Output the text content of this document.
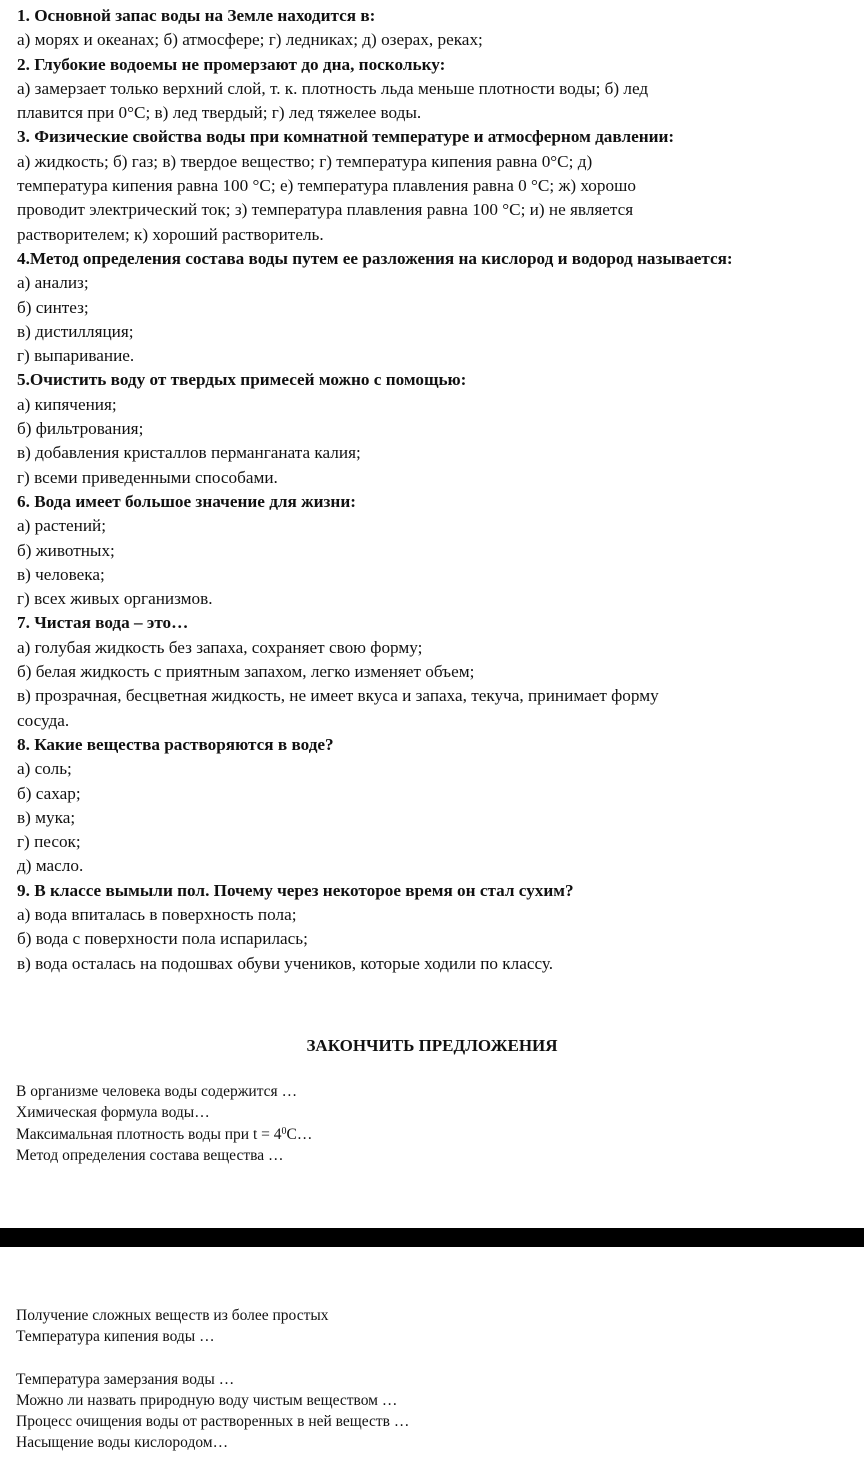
1. Основной запас воды на Земле находится в:

а) морях и океанах; б) атмосфере; г) ледниках; д) озерах, реках;

2. Глубокие водоемы не промерзают до дна, поскольку:

а) замерзает только верхний слой, т. к. плотность льда меньше плотности воды; б) лед

плавится при 0°С; в) лед твердый; г) лед тяжелее воды.

3. Физические свойства воды при комнатной температуре и атмосферном давлении:

а) жидкость; б) газ; в) твердое вещество; г) температура кипения равна 0°С; д)

температура кипения равна 100 °С; е) температура плавления равна 0 °С; ж) хорошо

проводит электрический ток; з) температура плавления равна 100 °С; и) не является

растворителем; к) хороший растворитель.

4.Метод определения состава воды путем ее разложения на кислород и водород называется:

а) анализ;

б) синтез;

в) дистилляция;

г) выпаривание.

5.Очистить воду от твердых примесей можно с помощью:

а) кипячения;

б) фильтрования;

в) добавления кристаллов перманганата калия;

г) всеми приведенными способами.

6. Вода имеет большое значение для жизни:

а) растений;

б) животных;

в) человека;

г) всех живых организмов.

7. Чистая вода – это…

а) голубая жидкость без запаха, сохраняет свою форму;

б) белая жидкость с приятным запахом, легко изменяет объем;

в) прозрачная, бесцветная жидкость, не имеет вкуса и запаха, текуча, принимает форму

сосуда.

8. Какие вещества растворяются в воде?

а) соль;

б) сахар;

в) мука;

г) песок;

д) масло.

9. В классе вымыли пол. Почему через некоторое время он стал сухим?

а) вода впиталась в поверхность пола;

б) вода с поверхности пола испарилась;

в) вода осталась на подошвах обуви учеников, которые ходили по классу.

ЗАКОНЧИТЬ ПРЕДЛОЖЕНИЯ
В организме человека воды содержится …
Химическая формула воды…
Максимальная плотность воды при $t = 4^0С\dots$
Метод определения состава вещества …
Получение сложных веществ из более простых
Температура кипения воды …
Температура замерзания воды …
Можно ли назвать природную воду чистым веществом …
Процесс очищения воды от растворенных в ней веществ …
Насыщение воды кислородом…
